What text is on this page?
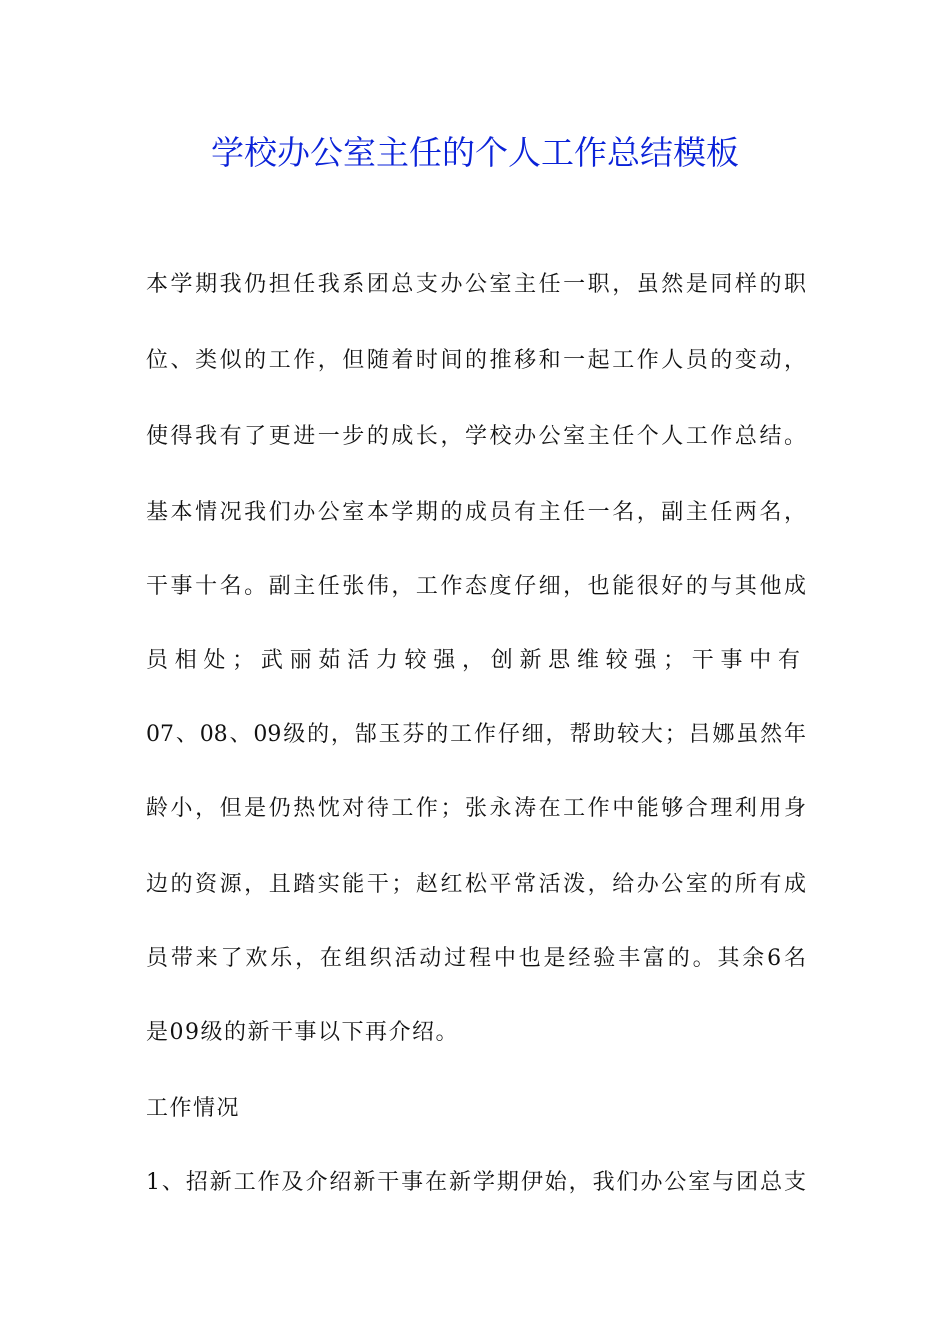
学校办公室主任的个人工作总结模板
本学期我仍担任我系团总支办公室主任一职，虽然是同样的职
位、类似的工作，但随着时间的推移和一起工作人员的变动，
使得我有了更进一步的成长，学校办公室主任个人工作总结。
基本情况我们办公室本学期的成员有主任一名，副主任两名，
干事十名。副主任张伟，工作态度仔细，也能很好的与其他成
员相处；武丽茹活力较强，创新思维较强；干事中有
07、08、09级的，郜玉芬的工作仔细，帮助较大；吕娜虽然年
龄小，但是仍热忱对待工作；张永涛在工作中能够合理利用身
边的资源，且踏实能干；赵红松平常活泼，给办公室的所有成
员带来了欢乐，在组织活动过程中也是经验丰富的。其余6名
是09级的新干事以下再介绍。
工作情况
1、招新工作及介绍新干事在新学期伊始，我们办公室与团总支
